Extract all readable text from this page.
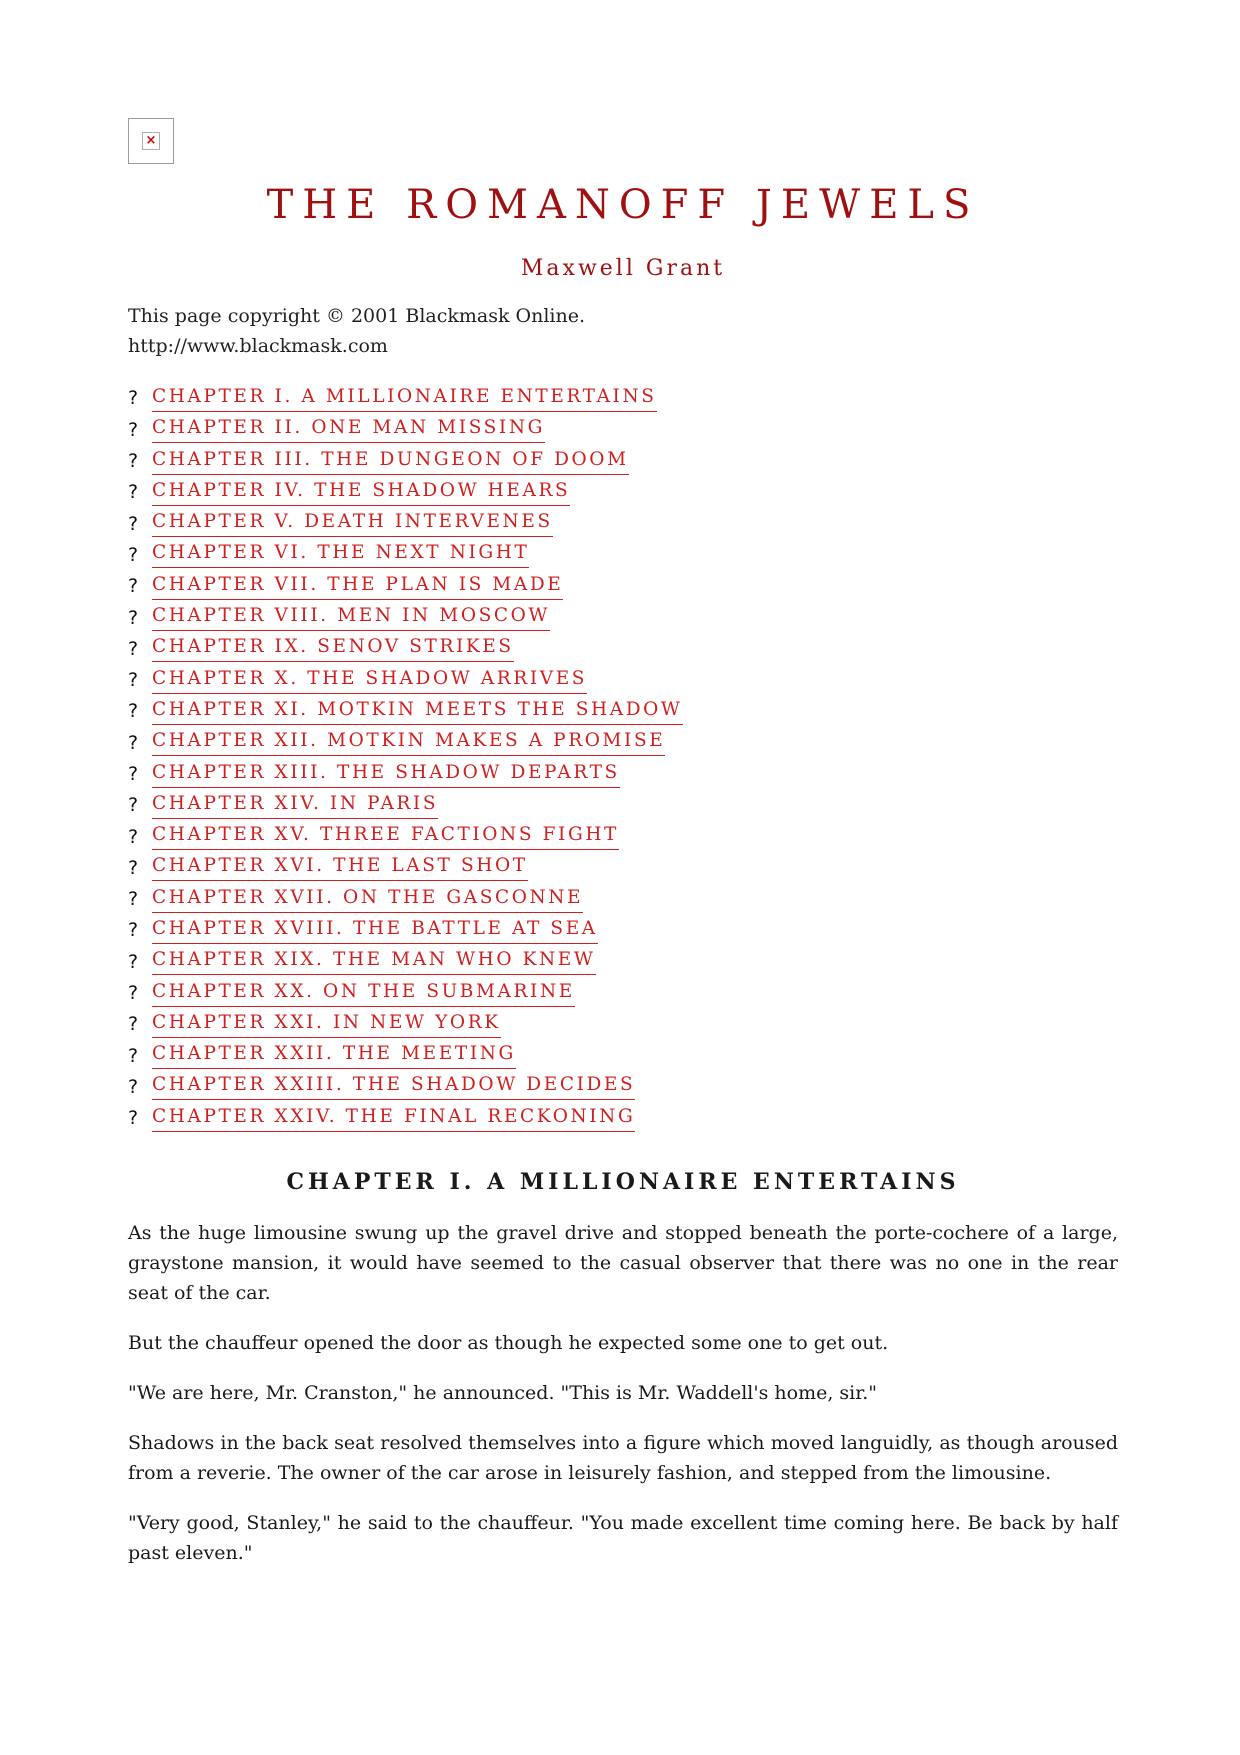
×
THE ROMANOFF JEWELS
Maxwell Grant
This page copyright © 2001 Blackmask Online.
http://www.blackmask.com
? CHAPTER I. A MILLIONAIRE ENTERTAINS
? CHAPTER II. ONE MAN MISSING
? CHAPTER III. THE DUNGEON OF DOOM
? CHAPTER IV. THE SHADOW HEARS
? CHAPTER V. DEATH INTERVENES
? CHAPTER VI. THE NEXT NIGHT
? CHAPTER VII. THE PLAN IS MADE
? CHAPTER VIII. MEN IN MOSCOW
? CHAPTER IX. SENOV STRIKES
? CHAPTER X. THE SHADOW ARRIVES
? CHAPTER XI. MOTKIN MEETS THE SHADOW
? CHAPTER XII. MOTKIN MAKES A PROMISE
? CHAPTER XIII. THE SHADOW DEPARTS
? CHAPTER XIV. IN PARIS
? CHAPTER XV. THREE FACTIONS FIGHT
? CHAPTER XVI. THE LAST SHOT
? CHAPTER XVII. ON THE GASCONNE
? CHAPTER XVIII. THE BATTLE AT SEA
? CHAPTER XIX. THE MAN WHO KNEW
? CHAPTER XX. ON THE SUBMARINE
? CHAPTER XXI. IN NEW YORK
? CHAPTER XXII. THE MEETING
? CHAPTER XXIII. THE SHADOW DECIDES
? CHAPTER XXIV. THE FINAL RECKONING
CHAPTER I. A MILLIONAIRE ENTERTAINS

As the huge limousine swung up the gravel drive and stopped beneath the porte-cochere of a large, graystone mansion, it would have seemed to the casual observer that there was no one in the rear seat of the car.

But the chauffeur opened the door as though he expected some one to get out.

"We are here, Mr. Cranston," he announced. "This is Mr. Waddell's home, sir."

Shadows in the back seat resolved themselves into a figure which moved languidly, as though aroused from a reverie. The owner of the car arose in leisurely fashion, and stepped from the limousine.

"Very good, Stanley," he said to the chauffeur. "You made excellent time coming here. Be back by half past eleven."
